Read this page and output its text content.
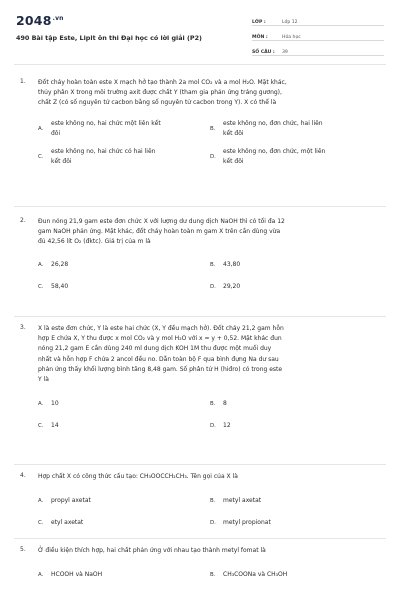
$2048^{.vn}$
490 Bài tập Este, Lipit ôn thi Đại học có lời giải (P2)
LỚP :	Lớp 12
MÔN :	Hóa học
SỐ CÂU :	39
1. Đốt cháy hoàn toàn este X mạch hở tạo thành 2a mol CO₂ và a mol H₂O. Mặt khác,
thủy phân X trong môi trường axit được chất Y (tham gia phản ứng tráng gương),
chất Z (có số nguyên tử cacbon bằng số nguyên tử cacbon trong Y). X có thể là
A.
este không no, hai chức một liên kết
đôi
B.
este không no, đơn chức, hai liên
kết đôi
C.
este không no, hai chức có hai liên
kết đôi
D.
este không no, đơn chức, một liên
kết đôi
2. Đun nóng 21,9 gam este đơn chức X với lượng dư dung dịch NaOH thì có tối đa 12
gam NaOH phản ứng. Mặt khác, đốt cháy hoàn toàn m gam X trên cần dùng vừa
đủ 42,56 lít O₂ (đktc). Giá trị của m là
A.	26,28	B.	43,80
C.	58,40	D.	29,20
3. X là este đơn chức, Y là este hai chức (X, Y đều mạch hở). Đốt cháy 21,2 gam hỗn
hợp E chứa X, Y thu được x mol CO₂ và y mol H₂O với x = y + 0,52. Mặt khác đun
nóng 21,2 gam E cần dùng 240 ml dung dịch KOH 1M thu được một muối duy
nhất và hỗn hợp F chứa 2 ancol đều no. Dẫn toàn bộ F qua bình đựng Na dư sau
phản ứng thấy khối lượng bình tăng 8,48 gam. Số phân tử H (hiđro) có trong este
Y là
A.	10	B.	8
C.	14	D.	12
4. Hợp chất X có công thức cấu tạo: CH₃OOCCH₂CH₃. Tên gọi của X là
A.	propyl axetat	B.	metyl axetat
C.	etyl axetat	D.	metyl propionat
5. Ở điều kiện thích hợp, hai chất phản ứng với nhau tạo thành metyl fomat là
A.	HCOOH và NaOH	B.	CH₃COONa và CH₃OH
